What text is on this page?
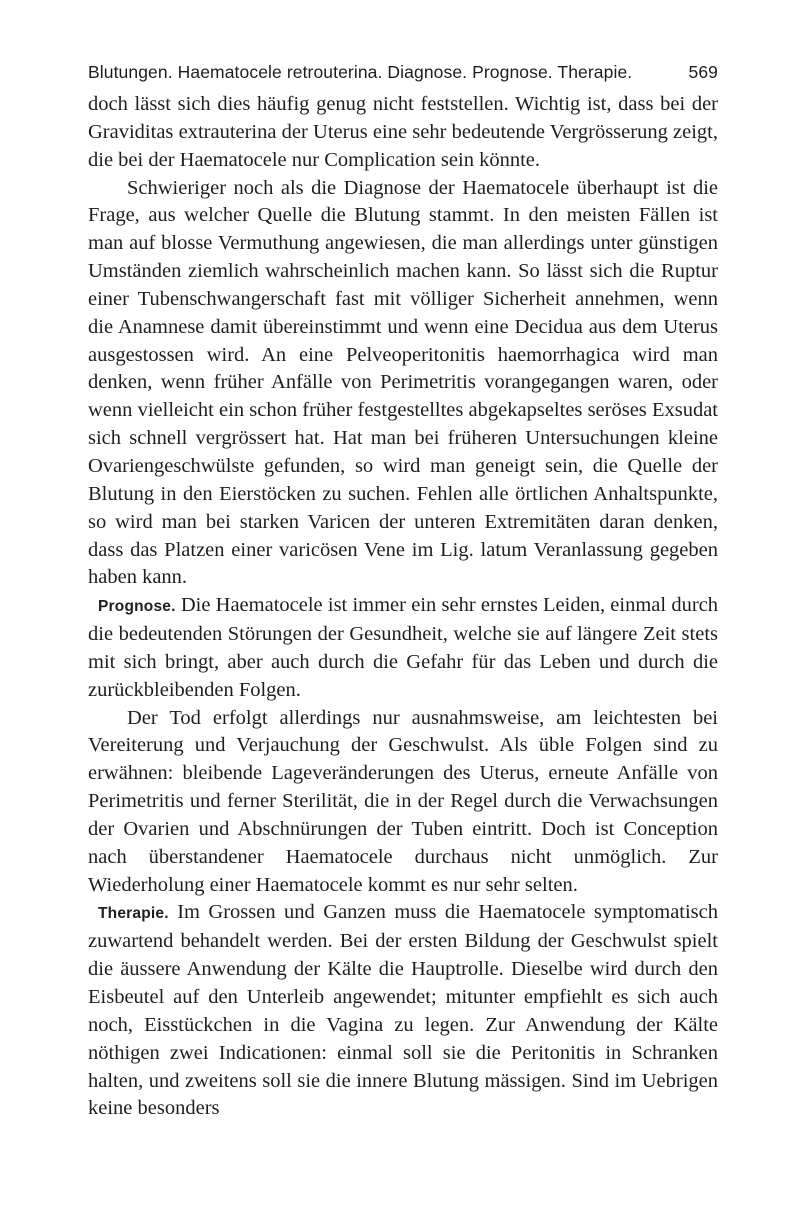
Blutungen. Haematocele retrouterina. Diagnose. Prognose. Therapie.	569

doch lässt sich dies häufig genug nicht feststellen. Wichtig ist, dass bei der Graviditas extrauterina der Uterus eine sehr bedeutende Vergrösserung zeigt, die bei der Haematocele nur Complication sein könnte.

Schwieriger noch als die Diagnose der Haematocele überhaupt ist die Frage, aus welcher Quelle die Blutung stammt. In den meisten Fällen ist man auf blosse Vermuthung angewiesen, die man allerdings unter günstigen Umständen ziemlich wahrscheinlich machen kann. So lässt sich die Ruptur einer Tubenschwangerschaft fast mit völliger Sicherheit annehmen, wenn die Anamnese damit übereinstimmt und wenn eine Decidua aus dem Uterus ausgestossen wird. An eine Pelveoperitonitis haemorrhagica wird man denken, wenn früher Anfälle von Perimetritis vorangegangen waren, oder wenn vielleicht ein schon früher festgestelltes abgekapseltes seröses Exsudat sich schnell vergrössert hat. Hat man bei früheren Untersuchungen kleine Ovariengeschwülste gefunden, so wird man geneigt sein, die Quelle der Blutung in den Eierstöcken zu suchen. Fehlen alle örtlichen Anhaltspunkte, so wird man bei starken Varicen der unteren Extremitäten daran denken, dass das Platzen einer varicösen Vene im Lig. latum Veranlassung gegeben haben kann.

Prognose. Die Haematocele ist immer ein sehr ernstes Leiden, einmal durch die bedeutenden Störungen der Gesundheit, welche sie auf längere Zeit stets mit sich bringt, aber auch durch die Gefahr für das Leben und durch die zurückbleibenden Folgen.

Der Tod erfolgt allerdings nur ausnahmsweise, am leichtesten bei Vereiterung und Verjauchung der Geschwulst. Als üble Folgen sind zu erwähnen: bleibende Lageveränderungen des Uterus, erneute Anfälle von Perimetritis und ferner Sterilität, die in der Regel durch die Verwachsungen der Ovarien und Abschnürungen der Tuben eintritt. Doch ist Conception nach überstandener Haematocele durchaus nicht unmöglich. Zur Wiederholung einer Haematocele kommt es nur sehr selten.

Therapie. Im Grossen und Ganzen muss die Haematocele symptomatisch zuwartend behandelt werden. Bei der ersten Bildung der Geschwulst spielt die äussere Anwendung der Kälte die Hauptrolle. Dieselbe wird durch den Eisbeutel auf den Unterleib angewendet; mitunter empfiehlt es sich auch noch, Eisstückchen in die Vagina zu legen. Zur Anwendung der Kälte nöthigen zwei Indicationen: einmal soll sie die Peritonitis in Schranken halten, und zweitens soll sie die innere Blutung mässigen. Sind im Uebrigen keine besonders
